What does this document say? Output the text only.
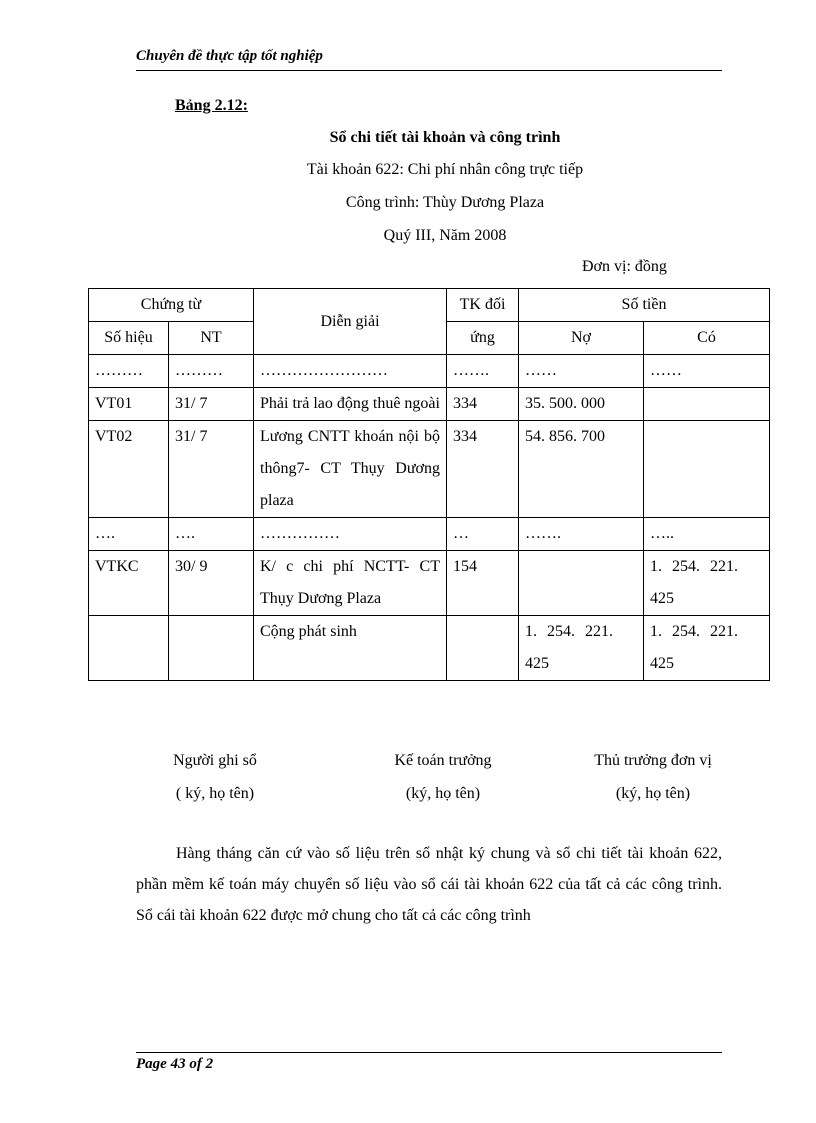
Chuyên đề thực tập tốt nghiệp
Bảng 2.12:
Sổ chi tiết tài khoản và công trình
Tài khoản 622: Chi phí nhân công trực tiếp
Công trình: Thùy Dương Plaza
Quý III, Năm 2008
Đơn vị: đồng
Chứng từ		Diễn giải	TK đối	Số tiền	
Số hiệu	NT		ứng	Nợ	Có
………	………	……………………	…….	……	……
VT01	31/ 7	Phải trả lao động thuê ngoài	334	35. 500. 000	
VT02	31/ 7	Lương CNTT khoán nội bộ thông7- CT Thụy Dương plaza	334	54. 856. 700	
….	….	……………	…	…….	…..
VTKC	30/ 9	K/ c chi phí NCTT- CT Thụy Dương Plaza	154		1. 254. 221. 425
		Cộng phát sinh		1. 254. 221. 425	1. 254. 221. 425
Người ghi sổ
( ký, họ tên)
Kế toán trưởng
(ký, họ tên)
Thủ trưởng đơn vị
(ký, họ tên)
Hàng tháng căn cứ vào số liệu trên sổ nhật ký chung và sổ chi tiết tài khoản 622, phần mềm kế toán máy chuyển số liệu vào sổ cái tài khoản 622 của tất cả các công trình. Sổ cái tài khoản 622 được mở chung cho tất cả các công trình
Page 43 of 2
